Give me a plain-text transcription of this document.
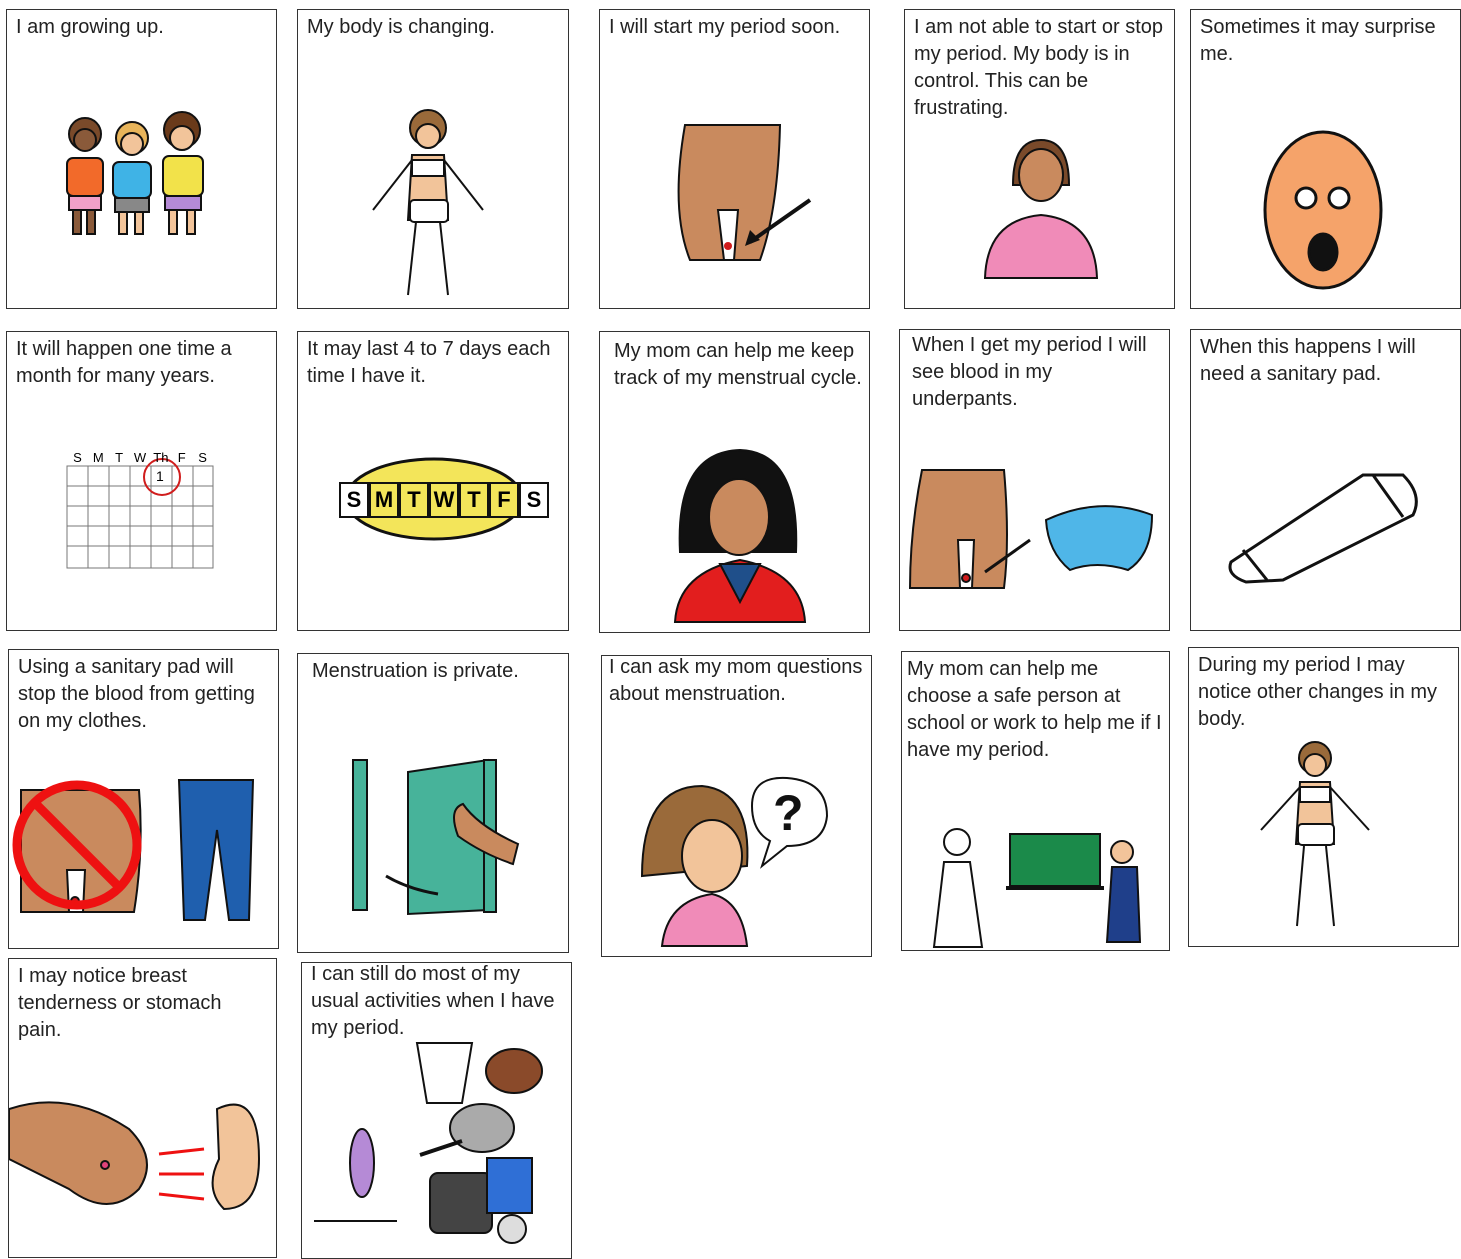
I am growing up.	My body is changing.	I will start my period soon.	I am not able to start or stop my period. My body is in control. This can be frustrating.

Sometimes it may surprise me.

It will happen one time a month for many years.

S M T W Th F S
1

It may last 4 to 7 days each time I have it.

S M T W T F S

My mom can help me keep track of my menstrual cycle.

When I get my period I will see blood in my underpants.

When this happens I will need a sanitary pad.

Using a sanitary pad will stop the blood from getting on my clothes.

Menstruation is private.	I can ask my mom questions about menstruation.

?

My mom can help me choose a safe person at school or work to help me if I have my period.

During my period I may notice other changes in my body.

I may notice breast tenderness or stomach pain.

I can still do most of my usual activities when I have my period.
